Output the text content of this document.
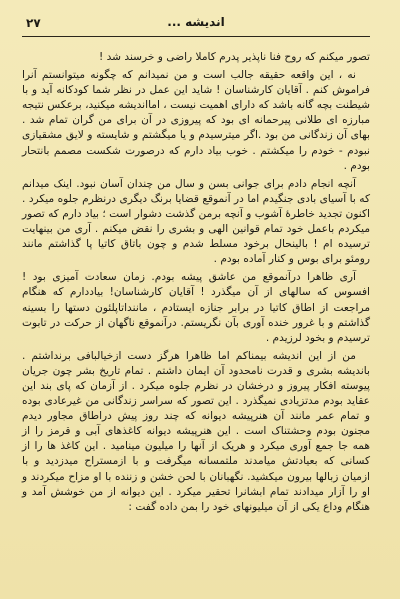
٢٧	اندیشه ...

تصور میکنم که روح فنا ناپذیر پدرم کاملا راضی و خرسند شد !

نه ، این واقعه حقیقه جالب است و من نمیدانم که چگونه میتوانستم آنرا فراموش کنم . آقایان کارشناسان ! شاید این عمل در نظر شما کودکانه آید و با شیطنت بچه گانه باشد که دارای اهمیت نیست ، امااندیشه میکنید، برعکس نتیجه مبارزه ای طلانی پیرحمانه ای بود که پیروزی در آن برای من گران تمام شد . بهای آن زندگانی من بود .اگر میترسیدم و یا میگشتم و شایسته و لایق مشقیازی نبودم - خودم را میکشتم . خوب بیاد دارم که درصورت شکست مصمم بانتحار بودم .

آنچه انجام دادم برای جوانی بسن و سال من چندان آسان نبود. اینک میدانم که با آسیای بادی جنگیدم اما در آنموقع قضایا برنگ دیگری درنظرم جلوه میکرد . اکنون تجدید خاطرهٔ آشوب و آنچه برمن گذشت دشوار است ؛ بیاد دارم که تصور میکردم باعمل خود تمام قوانین الهی و بشری را نقض میکنم . آری من بینهایت ترسیده ام ! بالینحال برخود مسلط شدم و چون باتاق کاتیا پا گذاشتم مانند رومئو برای بوس و کنار آماده بودم .

آری ظاهرا درآنموقع من عاشق پیشه بودم. زمان سعادت آمیزی بود ! افسوس که سالهای از آن میگذرد ! آقایان کارشناسان! بیاددارم که هنگام مراجعت از اطاق کاتیا در برابر جنازه ایستادم ، ماننداتاپلئون دستها را بسینه گذاشتم و با غرور خنده آوری بآن نگریستم. درآنموقع ناگهان از حرکت در تابوت ترسیدم و بخود لرزیدم .

من از این اندیشه بیمناکم اما ظاهرا هرگز دست ازخیالبافی برنداشتم . باندیشه بشری و قدرت نامحدود آن ایمان داشتم . تمام تاریخ بشر چون جریان پیوسته افکار پیروز و درخشان در نظرم جلوه میکرد . از آزمان که پای بند این عقاید بودم مدتزیادی نمیگذرد . این تصور که سراسر زندگانی من غیرعادی بوده و تمام عمر مانند آن هنرپیشه دیوانه که چند روز پیش دراطاق مجاور دیدم مجنون بودم وحشتناک است . این هنرپیشه دیوانه کاغذهای آبی و قرمز را از همه جا جمع آوری میکرد و هریک از آنها را میلیون مینامید . این کاغذ ها را از کسانی که بعیادتش میامدند ملتمسانه میگرفت و با ازمستراح میدزدید و با ازمیان زبالها بیرون میکشید. نگهبانان با لحن خشن و زننده با او مزاح میکردند و او را آزار میدادند تمام ابشانرا تحقیر میکرد . این دیوانه از من خوشش آمد و هنگام وداع یکی از آن میلیونهای خود را بمن داده گفت :
